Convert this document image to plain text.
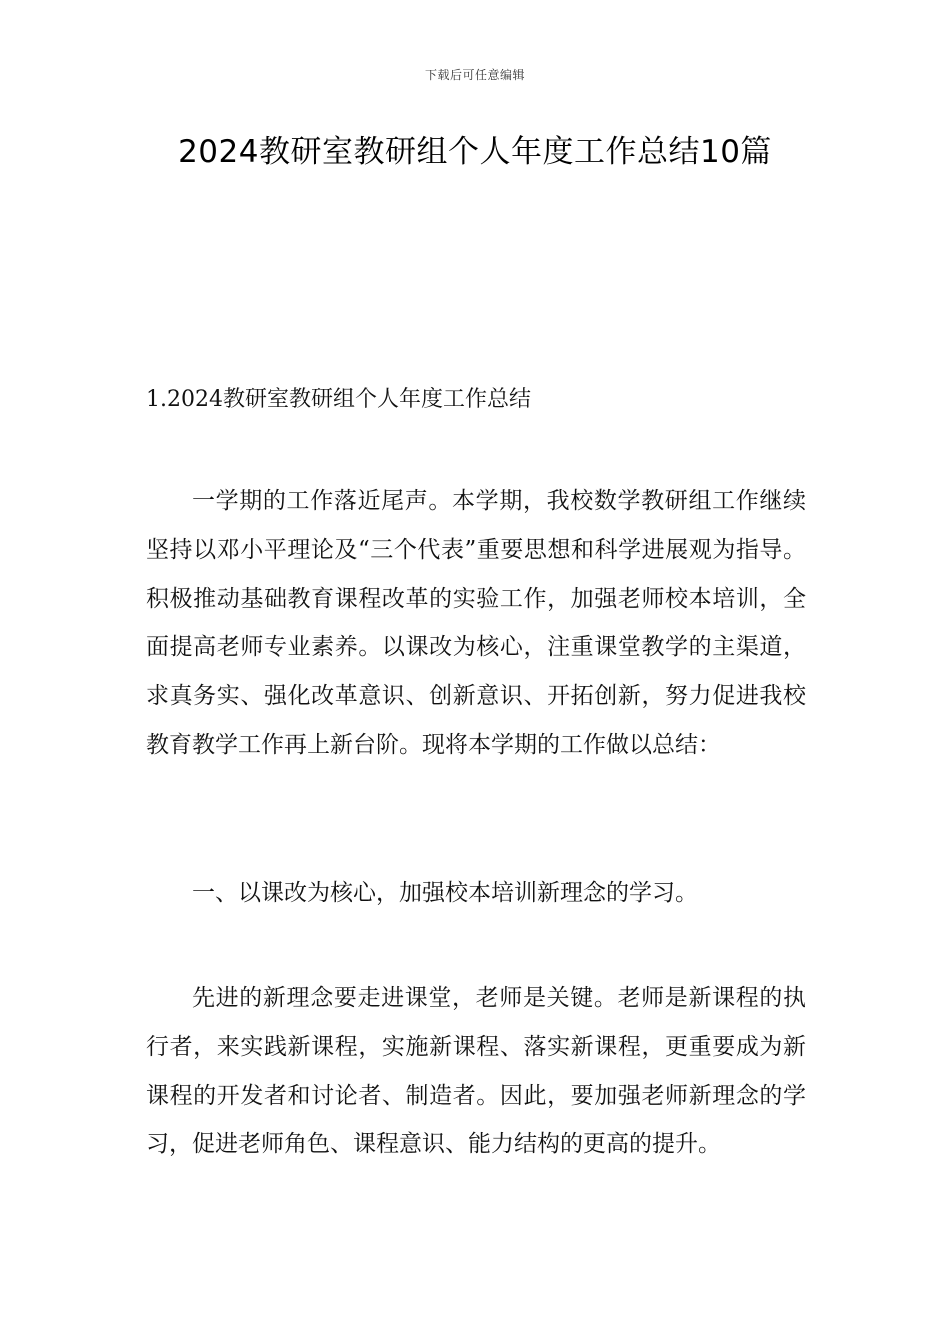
下载后可任意编辑
2024教研室教研组个人年度工作总结10篇
1.2024教研室教研组个人年度工作总结

一学期的工作落近尾声。本学期，我校数学教研组工作继续坚持以邓小平理论及“三个代表”重要思想和科学进展观为指导。积极推动基础教育课程改革的实验工作，加强老师校本培训，全面提高老师专业素养。以课改为核心，注重课堂教学的主渠道，求真务实、强化改革意识、创新意识、开拓创新，努力促进我校教育教学工作再上新台阶。现将本学期的工作做以总结：

一、以课改为核心，加强校本培训新理念的学习。

先进的新理念要走进课堂，老师是关键。老师是新课程的执行者，来实践新课程，实施新课程、落实新课程，更重要成为新课程的开发者和讨论者、制造者。因此，要加强老师新理念的学习，促进老师角色、课程意识、能力结构的更高的提升。
